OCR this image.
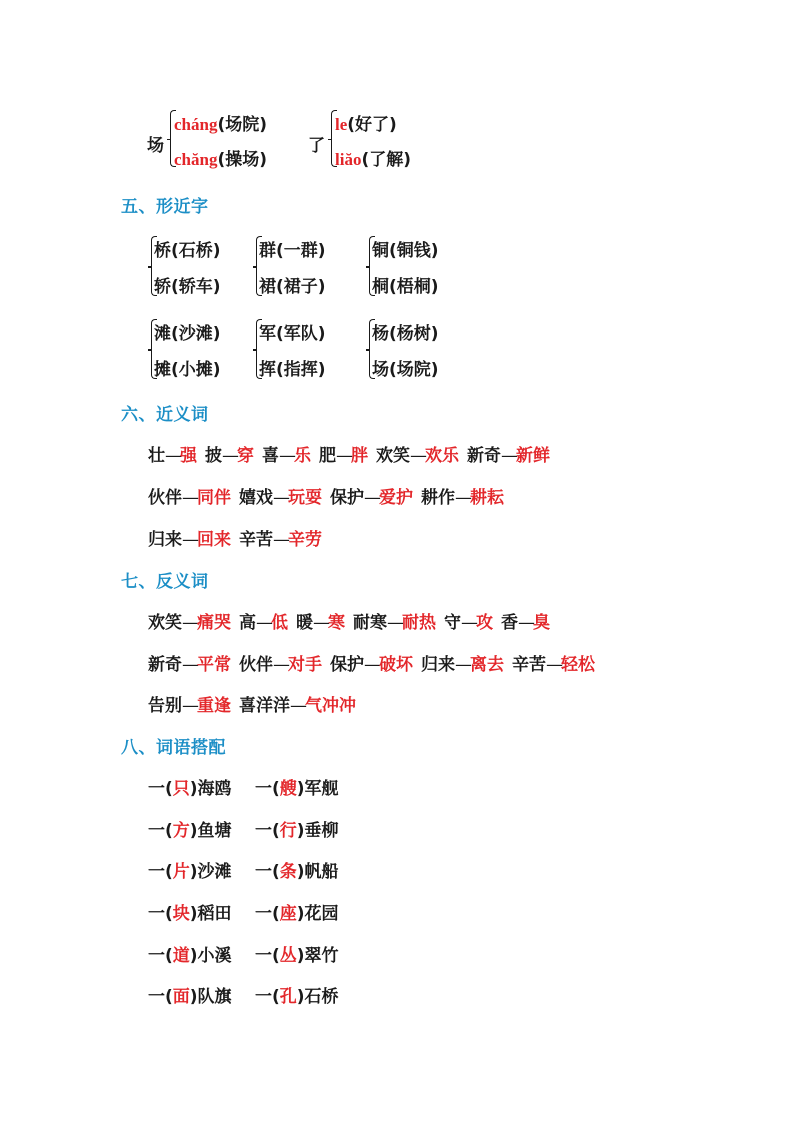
场
cháng(场院)
chăng(操场)
了
le(好了)
liăo(了解)
五、形近字
桥(石桥)
轿(轿车)
群(一群)
裙(裙子)
铜(铜钱)
桐(梧桐)
滩(沙滩)
摊(小摊)
军(军队)
挥(指挥)
杨(杨树)
场(场院)
六、近义词
壮—强 披—穿 喜—乐 肥—胖 欢笑—欢乐 新奇—新鲜
伙伴—同伴 嬉戏—玩耍 保护—爱护 耕作—耕耘
归来—回来 辛苦—辛劳
七、反义词
欢笑—痛哭 高—低 暖—寒 耐寒—耐热 守—攻 香—臭
新奇—平常 伙伴—对手 保护—破坏 归来—离去 辛苦—轻松
告别—重逢 喜洋洋—气冲冲
八、词语搭配
一(只)海鸥 一(艘)军舰
一(方)鱼塘 一(行)垂柳
一(片)沙滩 一(条)帆船
一(块)稻田 一(座)花园
一(道)小溪 一(丛)翠竹
一(面)队旗 一(孔)石桥
